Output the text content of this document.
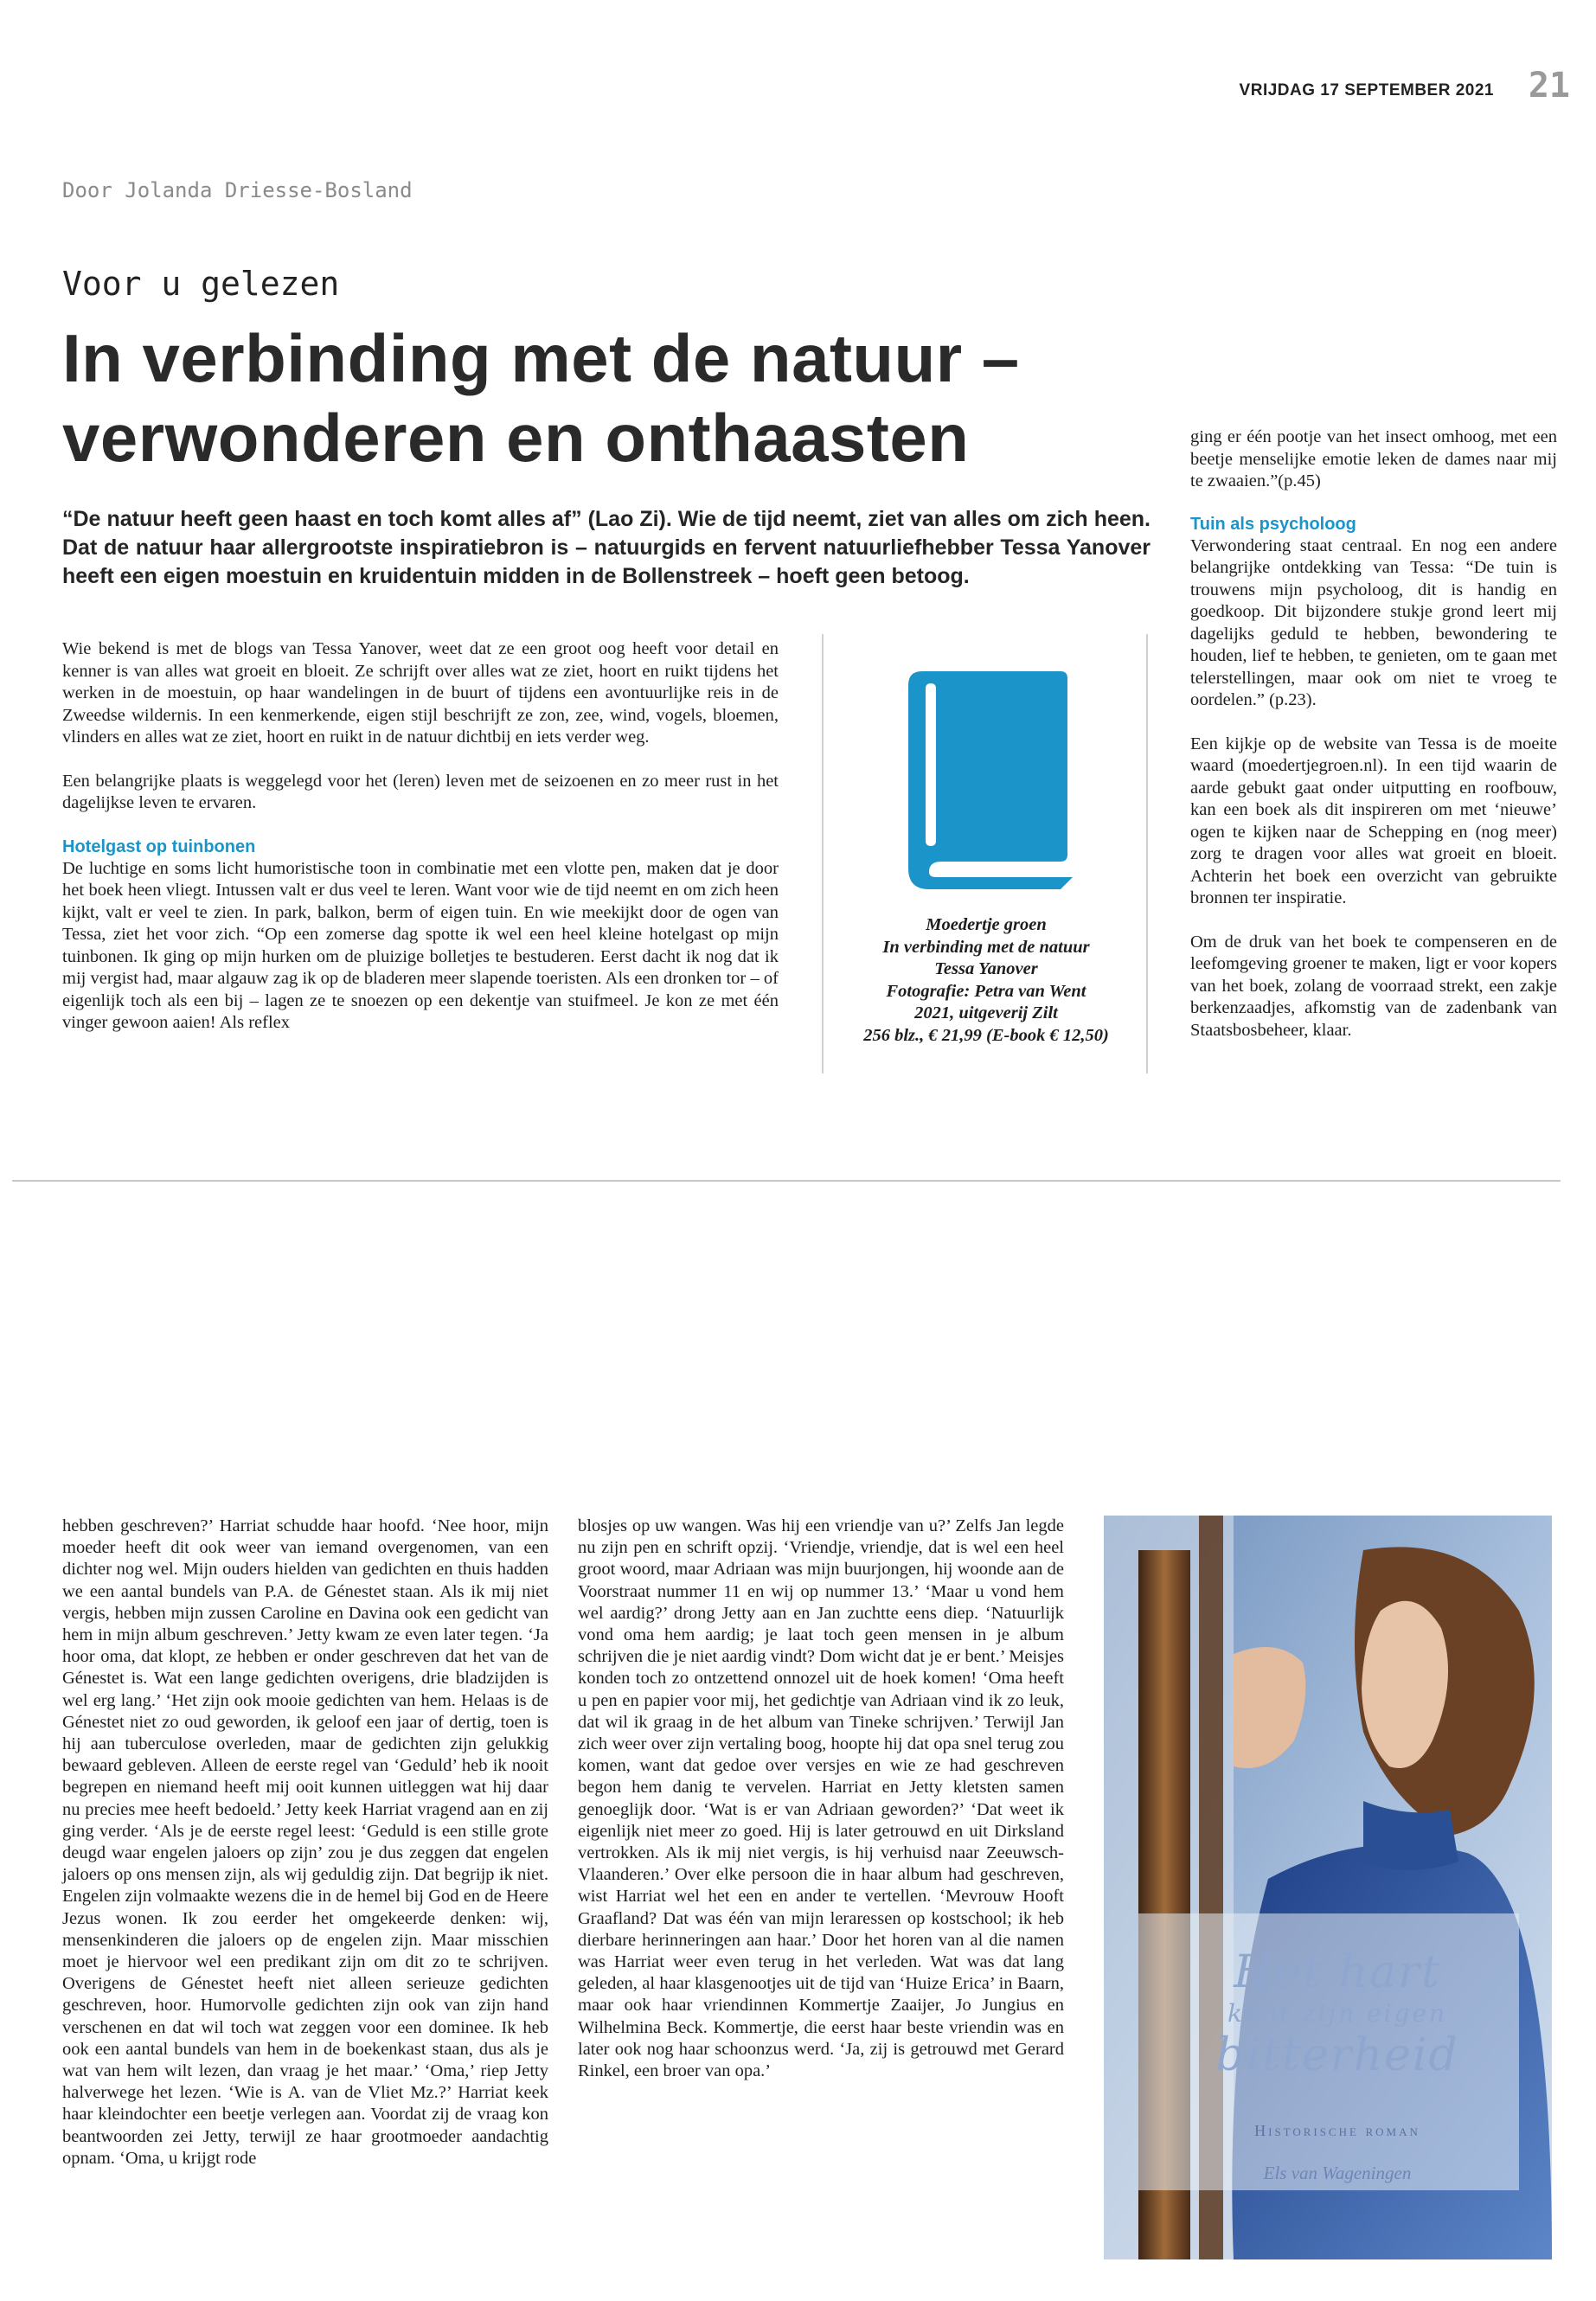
VRIJDAG 17 SEPTEMBER 2021 21
Door Jolanda Driesse-Bosland
Voor u gelezen
In verbinding met de natuur –
verwonderen en onthaasten
“De natuur heeft geen haast en toch komt alles af” (Lao Zi). Wie de tijd neemt, ziet van alles om zich heen. Dat de natuur haar allergrootste inspiratiebron is – natuurgids en fervent natuurliefhebber Tessa Yanover heeft een eigen moestuin en kruidentuin midden in de Bollenstreek – hoeft geen betoog.

Wie bekend is met de blogs van Tessa Yanover, weet dat ze een groot oog heeft voor detail en kenner is van alles wat groeit en bloeit. Ze schrijft over alles wat ze ziet, hoort en ruikt tijdens het werken in de moestuin, op haar wandelingen in de buurt of tijdens een avontuurlijke reis in de Zweedse wildernis. In een kenmerkende, eigen stijl beschrijft ze zon, zee, wind, vogels, bloemen, vlinders en alles wat ze ziet, hoort en ruikt in de natuur dichtbij en iets verder weg.

Een belangrijke plaats is weggelegd voor het (leren) leven met de seizoenen en zo meer rust in het dagelijkse leven te ervaren.

Hotelgast op tuinbonen

De luchtige en soms licht humoristische toon in combinatie met een vlotte pen, maken dat je door het boek heen vliegt. Intussen valt er dus veel te leren. Want voor wie de tijd neemt en om zich heen kijkt, valt er veel te zien. In park, balkon, berm of eigen tuin. En wie meekijkt door de ogen van Tessa, ziet het voor zich. “Op een zomerse dag spotte ik wel een heel kleine hotelgast op mijn tuinbonen. Ik ging op mijn hurken om de pluizige bolletjes te bestuderen. Eerst dacht ik nog dat ik mij vergist had, maar algauw zag ik op de bladeren meer slapende toeristen. Als een dronken tor – of eigenlijk toch als een bij – lagen ze te snoezen op een dekentje van stuifmeel. Je kon ze met één vinger gewoon aaien! Als reflex

Moedertje groen
In verbinding met de natuur
Tessa Yanover
Fotografie: Petra van Went
2021, uitgeverij Zilt
256 blz., € 21,99 (E-book € 12,50)

ging er één pootje van het insect omhoog, met een beetje menselijke emotie leken de dames naar mij te zwaaien.”(p.45)

Tuin als psycholoog

Verwondering staat centraal. En nog een andere belangrijke ontdekking van Tessa: “De tuin is trouwens mijn psycholoog, dit is handig en goedkoop. Dit bijzondere stukje grond leert mij dagelijks geduld te hebben, bewondering te houden, lief te hebben, te genieten, om te gaan met telerstellingen, maar ook om niet te vroeg te oordelen.” (p.23).

Een kijkje op de website van Tessa is de moeite waard (moedertjegroen.nl). In een tijd waarin de aarde gebukt gaat onder uitputting en roofbouw, kan een boek als dit inspireren om met ‘nieuwe’ ogen te kijken naar de Schepping en (nog meer) zorg te dragen voor alles wat groeit en bloeit. Achterin het boek een overzicht van gebruikte bronnen ter inspiratie.

Om de druk van het boek te compenseren en de leefomgeving groener te maken, ligt er voor kopers van het boek, zolang de voorraad strekt, een zakje berkenzaadjes, afkomstig van de zadenbank van Staatsbosbeheer, klaar.

hebben geschreven?’ Harriat schudde haar hoofd. ‘Nee hoor, mijn moeder heeft dit ook weer van iemand overgenomen, van een dichter nog wel. Mijn ouders hielden van gedichten en thuis hadden we een aantal bundels van P.A. de Génestet staan. Als ik mij niet vergis, hebben mijn zussen Caroline en Davina ook een gedicht van hem in mijn album geschreven.’ Jetty kwam ze even later tegen. ‘Ja hoor oma, dat klopt, ze hebben er onder geschreven dat het van de Génestet is. Wat een lange gedichten overigens, drie bladzijden is wel erg lang.’ ‘Het zijn ook mooie gedichten van hem. Helaas is de Génestet niet zo oud geworden, ik geloof een jaar of dertig, toen is hij aan tuberculose overleden, maar de gedichten zijn gelukkig bewaard gebleven. Alleen de eerste regel van ‘Geduld’ heb ik nooit begrepen en niemand heeft mij ooit kunnen uitleggen wat hij daar nu precies mee heeft bedoeld.’ Jetty keek Harriat vragend aan en zij ging verder. ‘Als je de eerste regel leest: ‘Geduld is een stille grote deugd waar engelen jaloers op zijn’ zou je dus zeggen dat engelen jaloers op ons mensen zijn, als wij geduldig zijn. Dat begrijp ik niet. Engelen zijn volmaakte wezens die in de hemel bij God en de Heere Jezus wonen. Ik zou eerder het omgekeerde denken: wij, mensenkinderen die jaloers op de engelen zijn. Maar misschien moet je hiervoor wel een predikant zijn om dit zo te schrijven. Overigens de Génestet heeft niet alleen serieuze gedichten geschreven, hoor. Humorvolle gedichten zijn ook van zijn hand verschenen en dat wil toch wat zeggen voor een dominee. Ik heb ook een aantal bundels van hem in de boekenkast staan, dus als je wat van hem wilt lezen, dan vraag je het maar.’ ‘Oma,’ riep Jetty halverwege het lezen. ‘Wie is A. van de Vliet Mz.?’ Harriat keek haar kleindochter een beetje verlegen aan. Voordat zij de vraag kon beantwoorden zei Jetty, terwijl ze haar grootmoeder aandachtig opnam. ‘Oma, u krijgt rode

blosjes op uw wangen. Was hij een vriendje van u?’ Zelfs Jan legde nu zijn pen en schrift opzij. ‘Vriendje, vriendje, dat is wel een heel groot woord, maar Adriaan was mijn buurjongen, hij woonde aan de Voorstraat nummer 11 en wij op nummer 13.’ ‘Maar u vond hem wel aardig?’ drong Jetty aan en Jan zuchtte eens diep. ‘Natuurlijk vond oma hem aardig; je laat toch geen mensen in je album schrijven die je niet aardig vindt? Dom wicht dat je er bent.’ Meisjes konden toch zo ontzettend onnozel uit de hoek komen! ‘Oma heeft u pen en papier voor mij, het gedichtje van Adriaan vind ik zo leuk, dat wil ik graag in de het album van Tineke schrijven.’ Terwijl Jan zich weer over zijn vertaling boog, hoopte hij dat opa snel terug zou komen, want dat gedoe over versjes en wie ze had geschreven begon hem danig te vervelen. Harriat en Jetty kletsten samen genoeglijk door. ‘Wat is er van Adriaan geworden?’ ‘Dat weet ik eigenlijk niet meer zo goed. Hij is later getrouwd en uit Dirksland vertrokken. Als ik mij niet vergis, is hij verhuisd naar Zeeuwsch-Vlaanderen.’ Over elke persoon die in haar album had geschreven, wist Harriat wel het een en ander te vertellen. ‘Mevrouw Hooft Graafland? Dat was één van mijn leraressen op kostschool; ik heb dierbare herinneringen aan haar.’ Door het horen van al die namen was Harriat weer even terug in het verleden. Wat was dat lang geleden, al haar klasgenootjes uit de tijd van ‘Huize Erica’ in Baarn, maar ook haar vriendinnen Kommertje Zaaijer, Jo Jungius en Wilhelmina Beck. Kommertje, die eerst haar beste vriendin was en later ook nog haar schoonzus werd. ‘Ja, zij is getrouwd met Gerard Rinkel, een broer van opa.’

Het hart
kent zijn eigen
bitterheid
Historische roman
Els van Wageningen
